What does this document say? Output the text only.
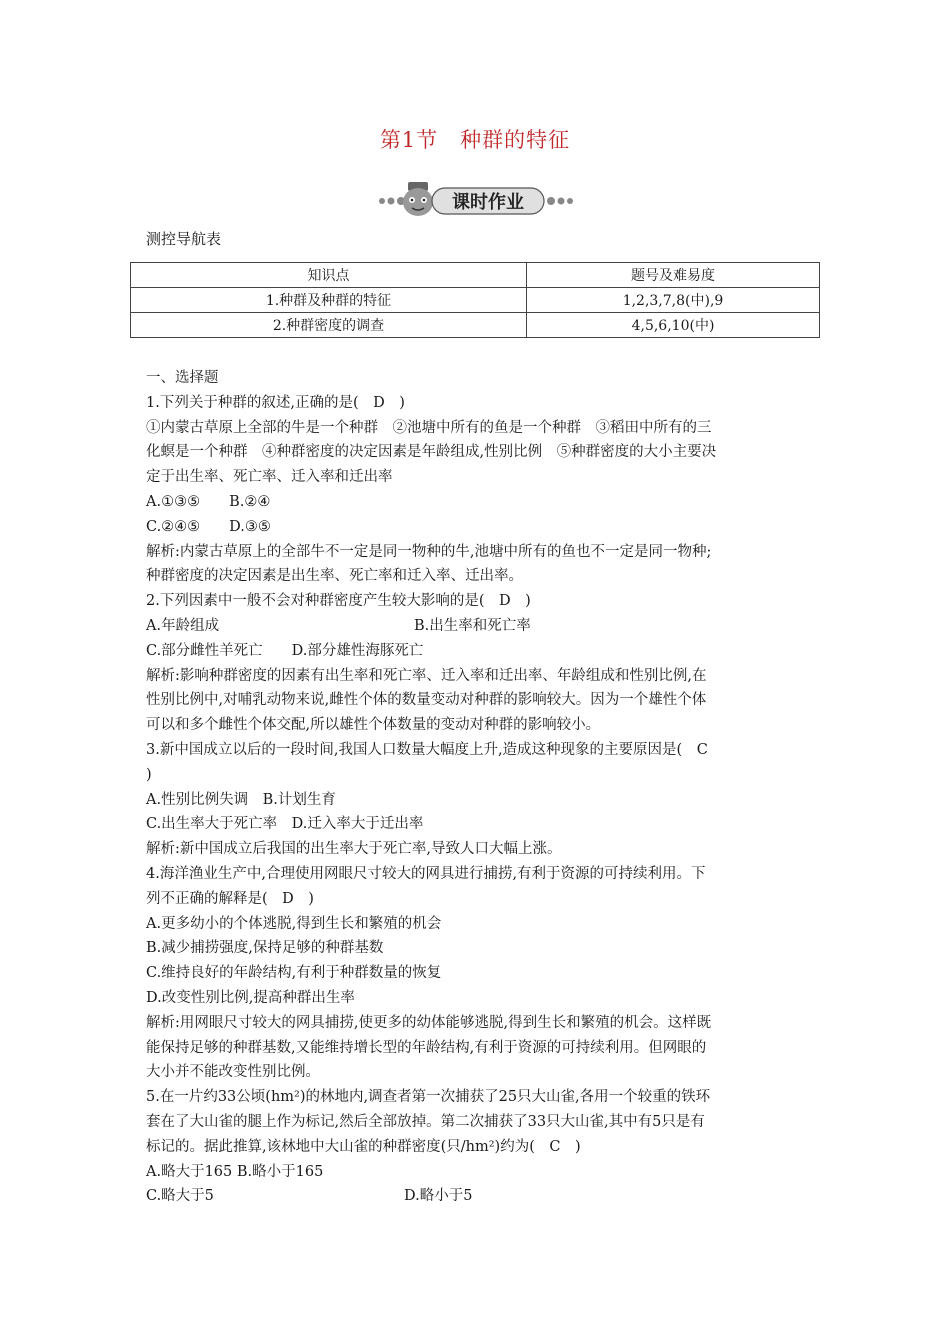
第1节　种群的特征
课时作业
测控导航表
知识点	题号及难易度
1.种群及种群的特征	1,2,3,7,8(中),9
2.种群密度的调查	4,5,6,10(中)

一、选择题

1.下列关于种群的叙述,正确的是(　D　)

①内蒙古草原上全部的牛是一个种群　②池塘中所有的鱼是一个种群　③稻田中所有的三

化螟是一个种群　④种群密度的决定因素是年龄组成,性别比例　⑤种群密度的大小主要决

定于出生率、死亡率、迁入率和迁出率

A.①③⑤　　B.②④

C.②④⑤　　D.③⑤

解析:内蒙古草原上的全部牛不一定是同一物种的牛,池塘中所有的鱼也不一定是同一物种;

种群密度的决定因素是出生率、死亡率和迁入率、迁出率。

2.下列因素中一般不会对种群密度产生较大影响的是(　D　)

A.年龄组成	B.出生率和死亡率

C.部分雌性羊死亡　　D.部分雄性海豚死亡

解析:影响种群密度的因素有出生率和死亡率、迁入率和迁出率、年龄组成和性别比例,在

性别比例中,对哺乳动物来说,雌性个体的数量变动对种群的影响较大。因为一个雄性个体

可以和多个雌性个体交配,所以雄性个体数量的变动对种群的影响较小。

3.新中国成立以后的一段时间,我国人口数量大幅度上升,造成这种现象的主要原因是(　C

)

A.性别比例失调　B.计划生育

C.出生率大于死亡率　D.迁入率大于迁出率

解析:新中国成立后我国的出生率大于死亡率,导致人口大幅上涨。

4.海洋渔业生产中,合理使用网眼尺寸较大的网具进行捕捞,有利于资源的可持续利用。下

列不正确的解释是(　D　)

A.更多幼小的个体逃脱,得到生长和繁殖的机会

B.减少捕捞强度,保持足够的种群基数

C.维持良好的年龄结构,有利于种群数量的恢复

D.改变性别比例,提高种群出生率

解析:用网眼尺寸较大的网具捕捞,使更多的幼体能够逃脱,得到生长和繁殖的机会。这样既

能保持足够的种群基数,又能维持增长型的年龄结构,有利于资源的可持续利用。但网眼的

大小并不能改变性别比例。

5.在一片约33公顷(hm²)的林地内,调查者第一次捕获了25只大山雀,各用一个较重的铁环

套在了大山雀的腿上作为标记,然后全部放掉。第二次捕获了33只大山雀,其中有5只是有

标记的。据此推算,该林地中大山雀的种群密度(只/hm²)约为(　C　)

A.略大于165 B.略小于165

C.略大于5	D.略小于5
